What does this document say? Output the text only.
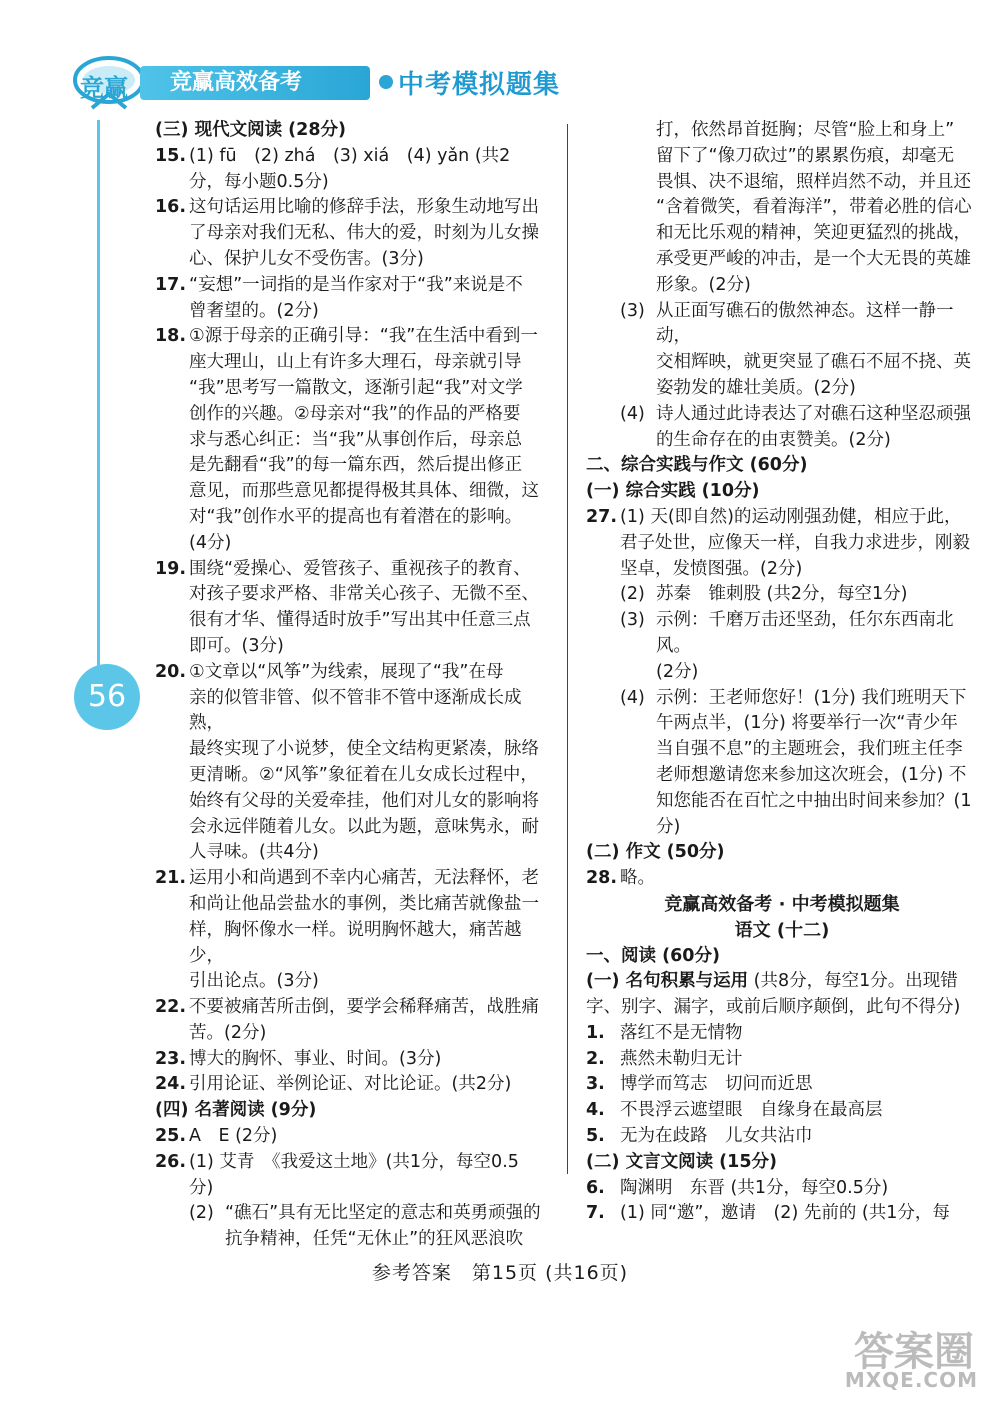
竞赢	竞赢高效备考	中考模拟题集
56

(三) 现代文阅读 (28分)

15. (1) fū　(2) zhá　(3) xiá　(4) yǎn (共2

分，每小题0.5分)

16. 这句话运用比喻的修辞手法，形象生动地写出

了母亲对我们无私、伟大的爱，时刻为儿女操

心、保护儿女不受伤害。(3分)

17. “妄想”一词指的是当作家对于“我”来说是不

曾奢望的。(2分)

18. ①源于母亲的正确引导：“我”在生活中看到一

座大理山，山上有许多大理石，母亲就引导

“我”思考写一篇散文，逐渐引起“我”对文学

创作的兴趣。②母亲对“我”的作品的严格要

求与悉心纠正：当“我”从事创作后，母亲总

是先翻看“我”的每一篇东西，然后提出修正

意见，而那些意见都提得极其具体、细微，这

对“我”创作水平的提高也有着潜在的影响。

(4分)

19. 围绕“爱操心、爱管孩子、重视孩子的教育、

对孩子要求严格、非常关心孩子、无微不至、

很有才华、懂得适时放手”写出其中任意三点

即可。(3分)

20. ①文章以“风筝”为线索，展现了“我”在母

亲的似管非管、似不管非不管中逐渐成长成熟，

最终实现了小说梦，使全文结构更紧凑，脉络

更清晰。②“风筝”象征着在儿女成长过程中，

始终有父母的关爱牵挂，他们对儿女的影响将

会永远伴随着儿女。以此为题，意味隽永，耐

人寻味。(共4分)

21. 运用小和尚遇到不幸内心痛苦，无法释怀，老

和尚让他品尝盐水的事例，类比痛苦就像盐一

样，胸怀像水一样。说明胸怀越大，痛苦越少，

引出论点。(3分)

22. 不要被痛苦所击倒，要学会稀释痛苦，战胜痛

苦。(2分)

23. 博大的胸怀、事业、时间。(3分)

24. 引用论证、举例论证、对比论证。(共2分)

(四) 名著阅读 (9分)

25. A　E (2分)

26. (1) 艾青　《我爱这土地》(共1分，每空0.5

分)

(2) “礁石”具有无比坚定的意志和英勇顽强的

抗争精神，任凭“无休止”的狂风恶浪吹

打，依然昂首挺胸；尽管“脸上和身上”

留下了“像刀砍过”的累累伤痕，却毫无

畏惧、决不退缩，照样岿然不动，并且还

“含着微笑，看着海洋”，带着必胜的信心

和无比乐观的精神，笑迎更猛烈的挑战，

承受更严峻的冲击，是一个大无畏的英雄

形象。(2分)

(3) 从正面写礁石的傲然神态。这样一静一动，

交相辉映，就更突显了礁石不屈不挠、英

姿勃发的雄壮美质。(2分)

(4) 诗人通过此诗表达了对礁石这种坚忍顽强

的生命存在的由衷赞美。(2分)

二、综合实践与作文 (60分)

(一) 综合实践 (10分)

27. (1) 天(即自然)的运动刚强劲健，相应于此，

君子处世，应像天一样，自我力求进步，刚毅

坚卓，发愤图强。(2分)

(2) 苏秦　锥刺股 (共2分，每空1分)

(3) 示例：千磨万击还坚劲，任尔东西南北风。

(2分)

(4) 示例：王老师您好！(1分) 我们班明天下

午两点半，(1分) 将要举行一次“青少年

当自强不息”的主题班会，我们班主任李

老师想邀请您来参加这次班会，(1分) 不

知您能否在百忙之中抽出时间来参加？(1

分)

(二) 作文 (50分)

28. 略。

竞赢高效备考 · 中考模拟题集

语文 (十二)

一、阅读 (60分)

(一) 名句积累与运用 (共8分，每空1分。出现错

字、别字、漏字，或前后顺序颠倒，此句不得分)

1. 落红不是无情物

2. 燕然未勒归无计

3. 博学而笃志　切问而近思

4. 不畏浮云遮望眼　自缘身在最高层

5. 无为在歧路　儿女共沾巾

(二) 文言文阅读 (15分)

6. 陶渊明　东晋 (共1分，每空0.5分)

7. (1) 同“邀”，邀请　(2) 先前的 (共1分，每

参考答案　第15页 (共16页)
答案圈
MXQE.COM
